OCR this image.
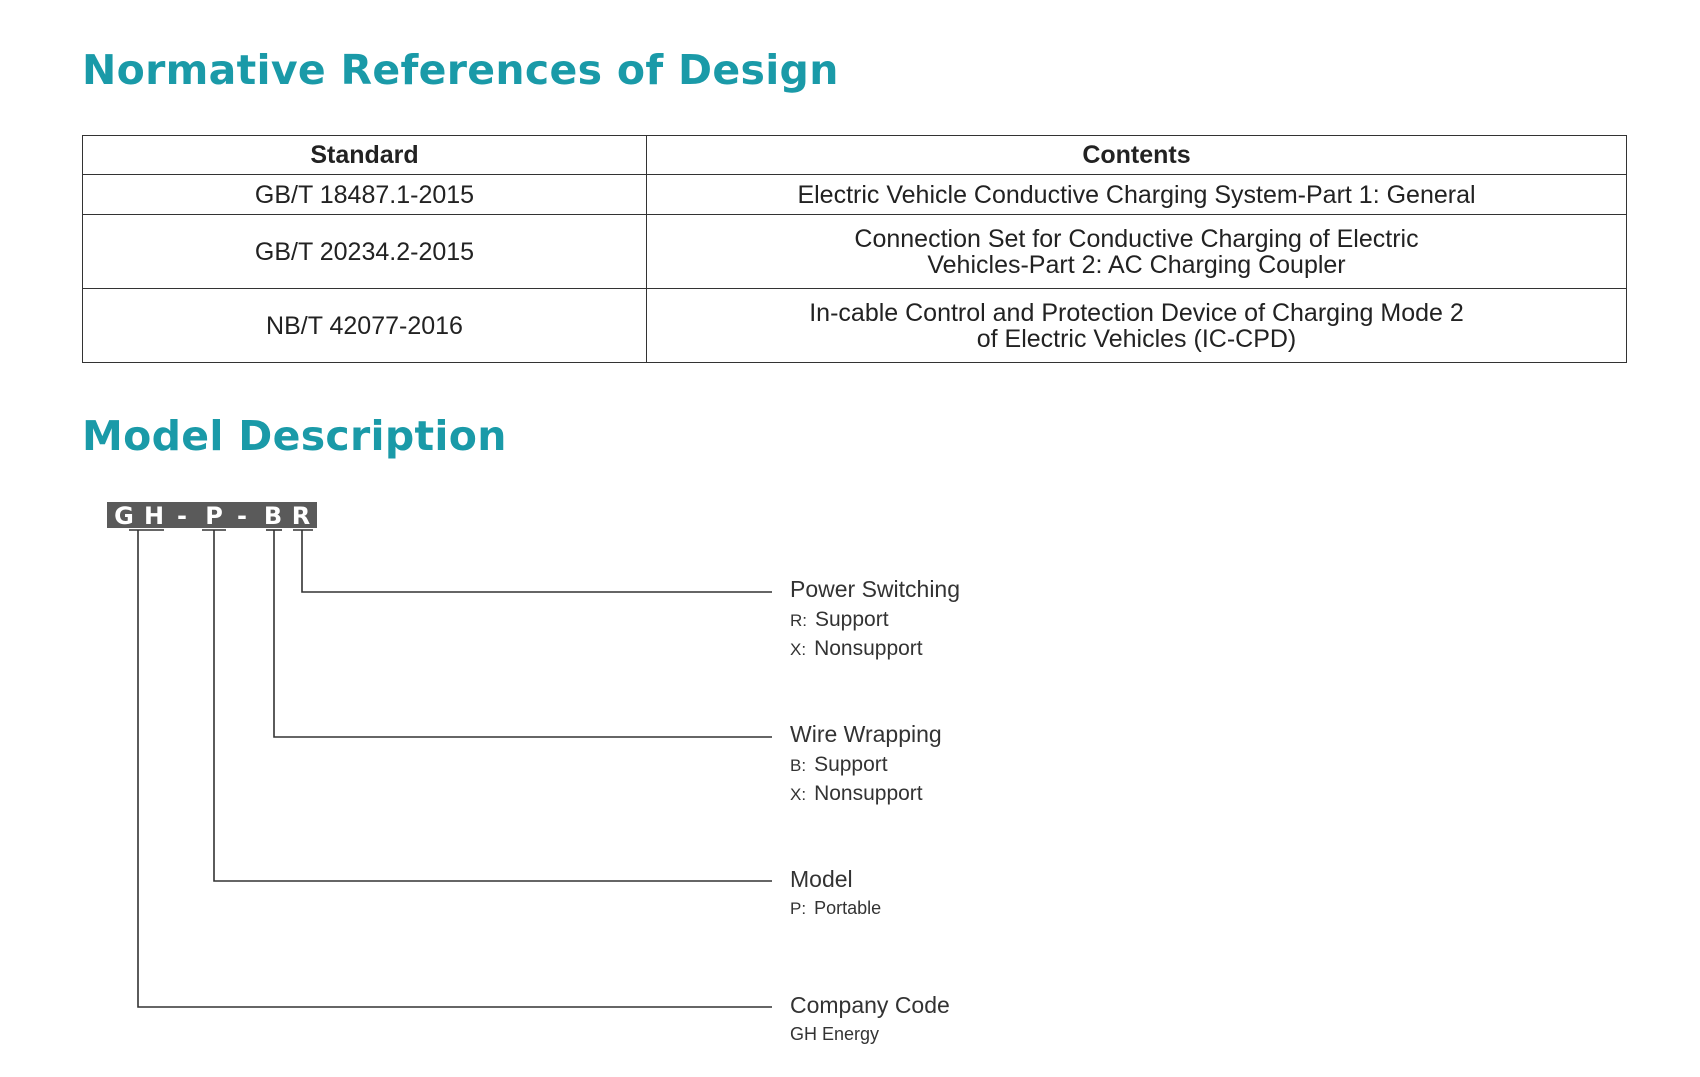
Normative References of Design
Standard	Contents
GB/T 18487.1-2015	Electric Vehicle Conductive Charging System-Part 1: General
GB/T 20234.2-2015	Connection Set for Conductive Charging of Electric
Vehicles-Part 2: AC Charging Coupler

NB/T 42077-2016	In-cable Control and Protection Device of Charging Mode 2
of Electric Vehicles (IC-CPD)
Model Description
G H - P - B R
Power Switching
R: Support
X: Nonsupport
Wire Wrapping
B: Support
X: Nonsupport
Model
P: Portable
Company Code
GH Energy
